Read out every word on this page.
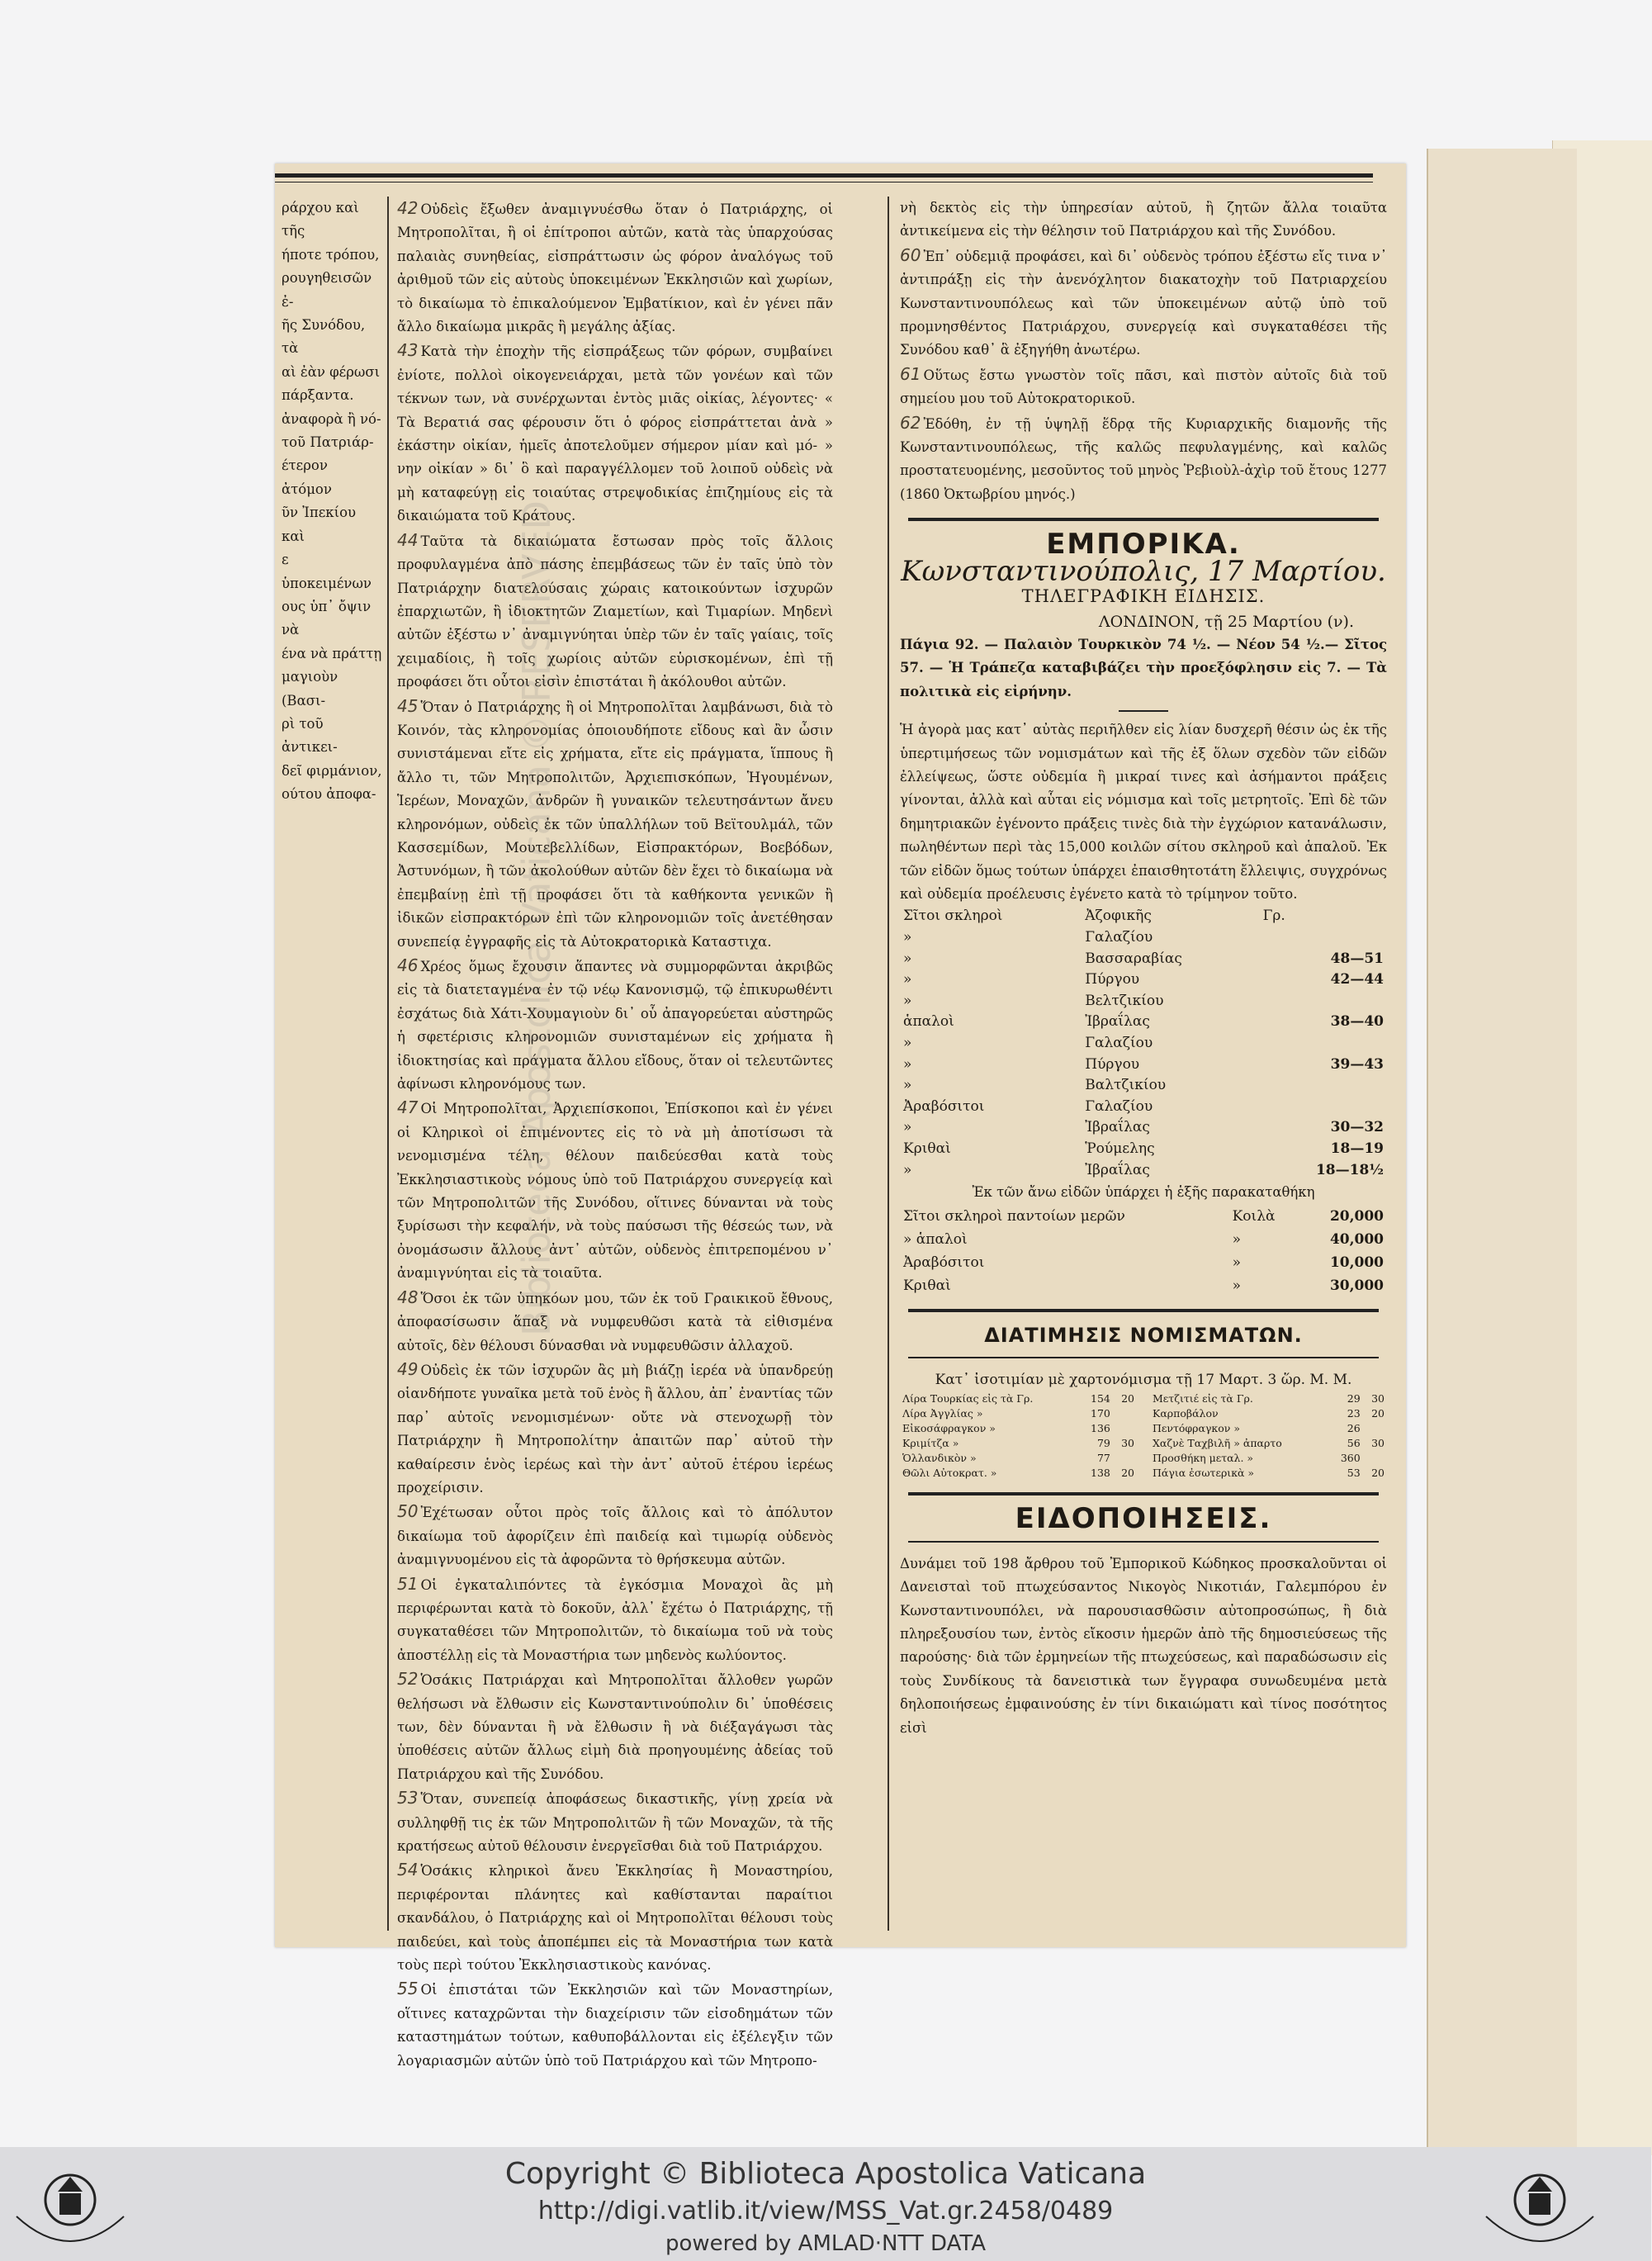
ράρχου καὶ τῆς
ήποτε τρόπου,
ρουγηθεισῶν ἐ-
ῆς Συνόδου, τὰ
αὶ ἐὰν φέρωσι
πάρξαντα.
ἀναφορὰ ἢ νό-
τοῦ Πατριάρ-
έτερον ἀτόμον
ῦν Ἰπεκίου καὶ
ε ὑποκειμένων
ους ὑπ᾽ ὄψιν νὰ
ένα νὰ πράττῃ
μαγιοὺν (Βασι-
ρὶ τοῦ ἀντικει-
δεῖ φιρμάνιον,
ούτου ἀποφα-

42 Οὐδεὶς ἔξωθεν ἀναμιγνυέσθω ὅταν ὁ Πατριάρχης, οἱ Μητροπολῖται, ἢ οἱ ἐπίτροποι αὐτῶν, κατὰ τὰς ὑπαρχούσας παλαιὰς συνηθείας, εἰσπράττωσιν ὡς φόρον ἀναλόγως τοῦ ἀριθμοῦ τῶν εἰς αὐτοὺς ὑποκειμένων Ἐκκλησιῶν καὶ χωρίων, τὸ δικαίωμα τὸ ἐπικαλούμενον Ἐμβατίκιον, καὶ ἐν γένει πᾶν ἄλλο δικαίωμα μικρᾶς ἢ μεγάλης ἀξίας.

43 Κατὰ τὴν ἐποχὴν τῆς εἰσπράξεως τῶν φόρων, συμβαίνει ἐνίοτε, πολλοὶ οἰκογενειάρχαι, μετὰ τῶν γονέων καὶ τῶν τέκνων των, νὰ συνέρχωνται ἐντὸς μιᾶς οἰκίας, λέγοντες· « Τὰ Βερατιά σας φέρουσιν ὅτι ὁ φόρος εἰσπράττεται ἀνὰ » ἑκάστην οἰκίαν, ἡμεῖς ἀποτελοῦμεν σήμερον μίαν καὶ μό- » νην οἰκίαν » δι᾽ ὃ καὶ παραγγέλλομεν τοῦ λοιποῦ οὐδεὶς νὰ μὴ καταφεύγῃ εἰς τοιαύτας στρεψοδικίας ἐπιζημίους εἰς τὰ δικαιώματα τοῦ Κράτους.

44 Ταῦτα τὰ δικαιώματα ἔστωσαν πρὸς τοῖς ἄλλοις προφυλαγμένα ἀπὸ πάσης ἐπεμβάσεως τῶν ἐν ταῖς ὑπὸ τὸν Πατριάρχην διατελούσαις χώραις κατοικούντων ἰσχυρῶν ἐπαρχιωτῶν, ἢ ἰδιοκτητῶν Ζιαμετίων, καὶ Τιμαρίων. Μηδενὶ αὐτῶν ἐξέστω ν᾽ ἀναμιγνύηται ὑπὲρ τῶν ἐν ταῖς γαίαις, τοῖς χειμαδίοις, ἢ τοῖς χωρίοις αὐτῶν εὑρισκομένων, ἐπὶ τῇ προφάσει ὅτι οὗτοι εἰσὶν ἐπιστάται ἢ ἀκόλουθοι αὐτῶν.

45 Ὅταν ὁ Πατριάρχης ἢ οἱ Μητροπολῖται λαμβάνωσι, διὰ τὸ Κοινόν, τὰς κληρονομίας ὁποιουδήποτε εἴδους καὶ ἂν ὦσιν συνιστάμεναι εἴτε εἰς χρήματα, εἴτε εἰς πράγματα, ἵππους ἢ ἄλλο τι, τῶν Μητροπολιτῶν, Ἀρχιεπισκόπων, Ἡγουμένων, Ἱερέων, Μοναχῶν, ἀνδρῶν ἢ γυναικῶν τελευτησάντων ἄνευ κληρονόμων, οὐδεὶς ἐκ τῶν ὑπαλλήλων τοῦ Βεϊτουλμάλ, τῶν Κασσεμίδων, Μουτεβελλίδων, Εἰσπρακτόρων, Βοεβόδων, Ἀστυνόμων, ἢ τῶν ἀκολούθων αὐτῶν δὲν ἔχει τὸ δικαίωμα νὰ ἐπεμβαίνῃ ἐπὶ τῇ προφάσει ὅτι τὰ καθήκοντα γενικῶν ἢ ἰδικῶν εἰσπρακτόρων ἐπὶ τῶν κληρονομιῶν τοῖς ἀνετέθησαν συνεπείᾳ ἐγγραφῆς εἰς τὰ Αὐτοκρατορικὰ Καταστιχα.

46 Χρέος ὅμως ἔχουσιν ἅπαντες νὰ συμμορφῶνται ἀκριβῶς εἰς τὰ διατεταγμένα ἐν τῷ νέῳ Κανονισμῷ, τῷ ἐπικυρωθέντι ἐσχάτως διὰ Χάτι-Χουμαγιοὺν δι᾽ οὗ ἀπαγορεύεται αὐστηρῶς ἡ σφετέρισις κληρονομιῶν συνισταμένων εἰς χρήματα ἢ ἰδιοκτησίας καὶ πράγματα ἄλλου εἴδους, ὅταν οἱ τελευτῶντες ἀφίνωσι κληρονόμους των.

47 Οἱ Μητροπολῖται, Ἀρχιεπίσκοποι, Ἐπίσκοποι καὶ ἐν γένει οἱ Κληρικοὶ οἱ ἐπιμένοντες εἰς τὸ νὰ μὴ ἀποτίσωσι τὰ νενομισμένα τέλη, θέλουν παιδεύεσθαι κατὰ τοὺς Ἐκκλησιαστικοὺς νόμους ὑπὸ τοῦ Πατριάρχου συνεργείᾳ καὶ τῶν Μητροπολιτῶν τῆς Συνόδου, οἵτινες δύνανται νὰ τοὺς ξυρίσωσι τὴν κεφαλήν, νὰ τοὺς παύσωσι τῆς θέσεώς των, νὰ ὀνομάσωσιν ἄλλους ἀντ᾽ αὐτῶν, οὐδενὸς ἐπιτρεπομένου ν᾽ ἀναμιγνύηται εἰς τὰ τοιαῦτα.

48 Ὅσοι ἐκ τῶν ὑπηκόων μου, τῶν ἐκ τοῦ Γραικικοῦ ἔθνους, ἀποφασίσωσιν ἅπαξ νὰ νυμφευθῶσι κατὰ τὰ εἰθισμένα αὐτοῖς, δὲν θέλουσι δύνασθαι νὰ νυμφευθῶσιν ἀλλαχοῦ.

49 Οὐδεὶς ἐκ τῶν ἰσχυρῶν ἂς μὴ βιάζῃ ἱερέα νὰ ὑπανδρεύῃ οἱανδήποτε γυναῖκα μετὰ τοῦ ἑνὸς ἢ ἄλλου, ἀπ᾽ ἐναντίας τῶν παρ᾽ αὐτοῖς νενομισμένων· οὔτε νὰ στενοχωρῇ τὸν Πατριάρχην ἢ Μητροπολίτην ἀπαιτῶν παρ᾽ αὐτοῦ τὴν καθαίρεσιν ἑνὸς ἱερέως καὶ τὴν ἀντ᾽ αὐτοῦ ἑτέρου ἱερέως προχείρισιν.

50 Ἐχέτωσαν οὗτοι πρὸς τοῖς ἄλλοις καὶ τὸ ἀπόλυτον δικαίωμα τοῦ ἀφορίζειν ἐπὶ παιδείᾳ καὶ τιμωρίᾳ οὐδενὸς ἀναμιγνυομένου εἰς τὰ ἀφορῶντα τὸ θρήσκευμα αὐτῶν.

51 Οἱ ἐγκαταλιπόντες τὰ ἐγκόσμια Μοναχοὶ ἂς μὴ περιφέρωνται κατὰ τὸ δοκοῦν, ἀλλ᾽ ἔχέτω ὁ Πατριάρχης, τῇ συγκαταθέσει τῶν Μητροπολιτῶν, τὸ δικαίωμα τοῦ νὰ τοὺς ἀποστέλλῃ εἰς τὰ Μοναστήρια των μηδενὸς κωλύοντος.

52 Ὁσάκις Πατριάρχαι καὶ Μητροπολῖται ἄλλοθεν γωρῶν θελήσωσι νὰ ἔλθωσιν εἰς Κωνσταντινούπολιν δι᾽ ὑποθέσεις των, δὲν δύνανται ἢ νὰ ἔλθωσιν ἢ νὰ διέξαγάγωσι τὰς ὑποθέσεις αὐτῶν ἄλλως εἰμὴ διὰ προηγουμένης ἀδείας τοῦ Πατριάρχου καὶ τῆς Συνόδου.

53 Ὅταν, συνεπείᾳ ἀποφάσεως δικαστικῆς, γίνῃ χρεία νὰ συλληφθῇ τις ἐκ τῶν Μητροπολιτῶν ἢ τῶν Μοναχῶν, τὰ τῆς κρατήσεως αὐτοῦ θέλουσιν ἐνεργεῖσθαι διὰ τοῦ Πατριάρχου.

54 Ὁσάκις κληρικοὶ ἄνευ Ἐκκλησίας ἢ Μοναστηρίου, περιφέρονται πλάνητες καὶ καθίστανται παραίτιοι σκανδάλου, ὁ Πατριάρχης καὶ οἱ Μητροπολῖται θέλουσι τοὺς παιδεύει, καὶ τοὺς ἀποπέμπει εἰς τὰ Μοναστήρια των κατὰ τοὺς περὶ τούτου Ἐκκλησιαστικοὺς κανόνας.

55 Οἱ ἐπιστάται τῶν Ἐκκλησιῶν καὶ τῶν Μοναστηρίων, οἵτινες καταχρῶνται τὴν διαχείρισιν τῶν εἰσοδημάτων τῶν καταστημάτων τούτων, καθυποβάλλονται εἰς ἐξέλεγξιν τῶν λογαριασμῶν αὐτῶν ὑπὸ τοῦ Πατριάρχου καὶ τῶν Μητροπο-

νὴ δεκτὸς εἰς τὴν ὑπηρεσίαν αὐτοῦ, ἢ ζητῶν ἄλλα τοιαῦτα ἀντικείμενα εἰς τὴν θέλησιν τοῦ Πατριάρχου καὶ τῆς Συνόδου.

60 Ἐπ᾽ οὐδεμιᾷ προφάσει, καὶ δι᾽ οὐδενὸς τρόπου ἐξέστω εἴς τινα ν᾽ ἀντιπράξῃ εἰς τὴν ἀνενόχλητον διακατοχὴν τοῦ Πατριαρχείου Κωνσταντινουπόλεως καὶ τῶν ὑποκειμένων αὐτῷ ὑπὸ τοῦ προμνησθέντος Πατριάρχου, συνεργείᾳ καὶ συγκαταθέσει τῆς Συνόδου καθ᾽ ἃ ἐξηγήθη ἀνωτέρω.

61 Οὕτως ἔστω γνωστὸν τοῖς πᾶσι, καὶ πιστὸν αὐτοῖς διὰ τοῦ σημείου μου τοῦ Αὐτοκρατορικοῦ.

62 Ἐδόθη, ἐν τῇ ὑψηλῇ ἕδρᾳ τῆς Κυριαρχικῆς διαμονῆς τῆς Κωνσταντινουπόλεως, τῆς καλῶς πεφυλαγμένης, καὶ καλῶς προστατευομένης, μεσοῦντος τοῦ μηνὸς Ῥεβιοὺλ-ἀχὶρ τοῦ ἔτους 1277 (1860 Ὀκτωβρίου μηνός.)

ΕΜΠΟΡΙΚΑ.
Κωνσταντινούπολις, 17 Μαρτίου.
ΤΗΛΕΓΡΑΦΙΚΗ ΕΙΔΗΣΙΣ.
ΛΟΝΔΙΝΟΝ, τῇ 25 Μαρτίου (ν).

Πάγια 92. — Παλαιὸν Τουρκικὸν 74 ½. — Νέον 54 ½.— Σῖτος 57. — Ἡ Τράπεζα καταβιβάζει τὴν προεξόφλησιν εἰς 7. — Τὰ πολιτικὰ εἰς εἰρήνην.

Ἡ ἀγορὰ μας κατ᾽ αὐτὰς περιῆλθεν εἰς λίαν δυσχερῆ θέσιν ὡς ἐκ τῆς ὑπερτιμήσεως τῶν νομισμάτων καὶ τῆς ἐξ ὅλων σχεδὸν τῶν εἰδῶν ἐλλείψεως, ὥστε οὐδεμία ἢ μικραί τινες καὶ ἀσήμαντοι πράξεις γίνονται, ἀλλὰ καὶ αὗται εἰς νόμισμα καὶ τοῖς μετρητοῖς. Ἐπὶ δὲ τῶν δημητριακῶν ἐγένοντο πράξεις τινὲς διὰ τὴν ἐγχώριον κατανάλωσιν, πωληθέντων περὶ τὰς 15,000 κοιλῶν σίτου σκληροῦ καὶ ἁπαλοῦ. Ἐκ τῶν εἰδῶν ὅμως τούτων ὑπάρχει ἐπαισθητοτάτη ἔλλειψις, συγχρόνως καὶ οὐδεμία προέλευσις ἐγένετο κατὰ τὸ τρίμηνον τοῦτο.

Σῖτοι σκληροὶ	Ἀζοφικῆς	Γρ.
»	Γαλαζίου	
»	Βασσαραβίας	48—51
»	Πύργου	42—44
»	Βελτζικίου	
ἁπαλοὶ	Ἰβραΐλας	38—40
»	Γαλαζίου	
»	Πύργου	39—43
»	Βαλτζικίου	
Ἀραβόσιτοι	Γαλαζίου	
»	Ἰβραΐλας	30—32
Κριθαὶ	Ῥούμελης	18—19
»	Ἰβραΐλας	18—18½

Ἐκ τῶν ἄνω εἰδῶν ὑπάρχει ἡ ἑξῆς παρακαταθήκη

Σῖτοι σκληροὶ παντοίων μερῶν	Κοιλὰ	20,000
» ἁπαλοὶ	»	40,000
Ἀραβόσιτοι	»	10,000
Κριθαὶ	»	30,000
ΔΙΑΤΙΜΗΣΙΣ ΝΟΜΙΣΜΑΤΩΝ.

Κατ᾽ ἰσοτιμίαν μὲ χαρτονόμισμα τῇ 17 Μαρτ. 3 ὥρ. Μ. Μ.

Λίρα Τουρκίας εἰς τὰ Γρ.	154	20
Λίρα Ἀγγλίας »	170	
Εἰκοσάφραγκον »	136	
Κριμίτζα »	79	30
Ὁλλανδικὸν »	77	
Θῶλι Αὐτοκρατ. »	138	20
Μετζιτιέ εἰς τὰ Γρ.	29	30
Καρποβάλον	23	20
Πεντόφραγκον »	26	
Χαζνὲ Ταχβιλῆ » ἀπαρτο	56	30
Προσθήκη μεταλ. »	360	
Πάγια ἐσωτερικὰ »	53	20
ΕΙΔΟΠΟΙΗΣΕΙΣ.

Δυνάμει τοῦ 198 ἄρθρου τοῦ Ἐμπορικοῦ Κώδηκος προσκαλοῦνται οἱ Δανεισταὶ τοῦ πτωχεύσαντος Νικογὸς Νικοτιάν, Γαλεμπόρου ἐν Κωνσταντινουπόλει, νὰ παρουσιασθῶσιν αὐτοπροσώπως, ἢ διὰ πληρεξουσίου των, ἐντὸς εἴκοσιν ἡμερῶν ἀπὸ τῆς δημοσιεύσεως τῆς παρούσης· διὰ τῶν ἐρμηνείων τῆς πτωχεύσεως, καὶ παραδώσωσιν εἰς τοὺς Συνδίκους τὰ δανειστικὰ των ἔγγραφα συνωδευμένα μετὰ δηλοποιήσεως ἐμφαινούσης ἐν τίνι δικαιώματι καὶ τίνος ποσότητος εἰσὶ

Biblioteca Apostolica Vaticana © RESERVED
Copyright © Biblioteca Apostolica Vaticana
http://digi.vatlib.it/view/MSS_Vat.gr.2458/0489
powered by AMLAD·NTT DATA
